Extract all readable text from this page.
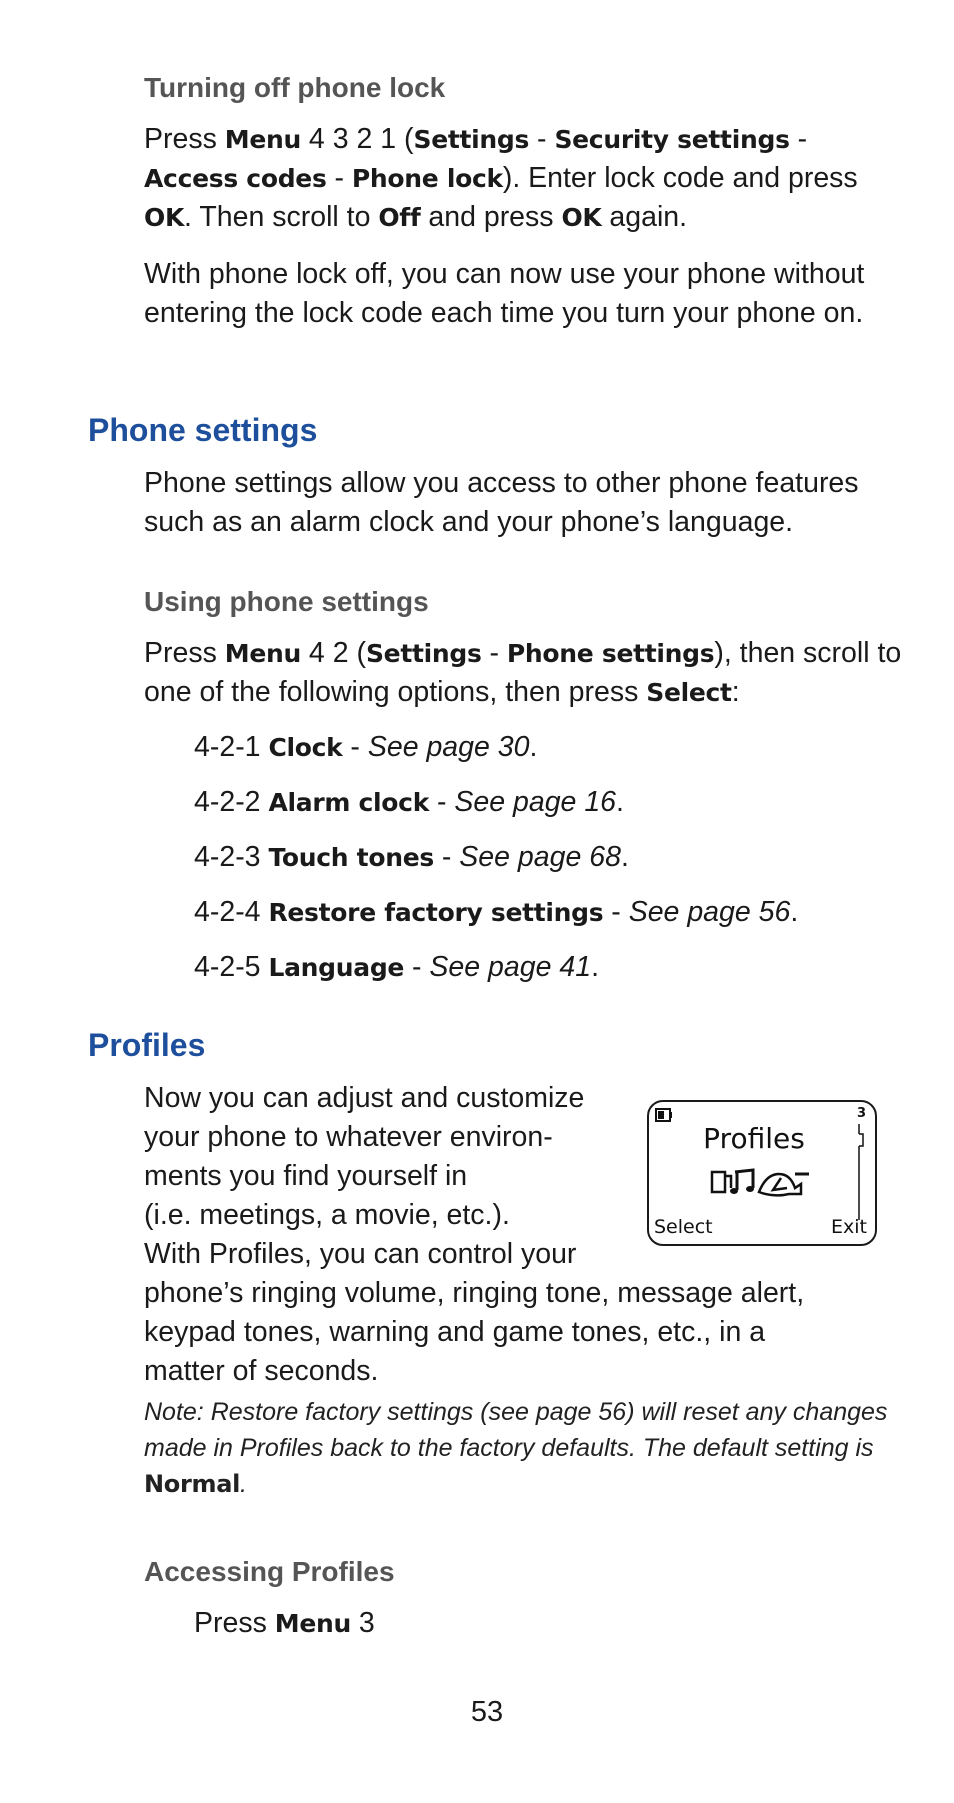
Turning off phone lock

Press Menu 4 3 2 1 (Settings - Security settings - Access codes - Phone lock). Enter lock code and press OK. Then scroll to Off and press OK again.

With phone lock off, you can now use your phone without entering the lock code each time you turn your phone on.

Phone settings

Phone settings allow you access to other phone features such as an alarm clock and your phone’s language.

Using phone settings

Press Menu 4 2 (Settings - Phone settings), then scroll to one of the following options, then press Select:

4-2-1 Clock - See page 30.

4-2-2 Alarm clock - See page 16.

4-2-3 Touch tones - See page 68.

4-2-4 Restore factory settings - See page 56.

4-2-5 Language - See page 41.

Profiles
Now you can adjust and customize
your phone to whatever environ-
ments you find yourself in
(i.e. meetings, a movie, etc.).
With Profiles, you can control your
phone’s ringing volume, ringing tone, message alert,
keypad tones, warning and game tones, etc., in a
matter of seconds.
3
Profiles
Select	Exit

Note: Restore factory settings (see page 56) will reset any changes made in Profiles back to the factory defaults. The default setting is Normal.

Accessing Profiles

Press Menu 3

53
